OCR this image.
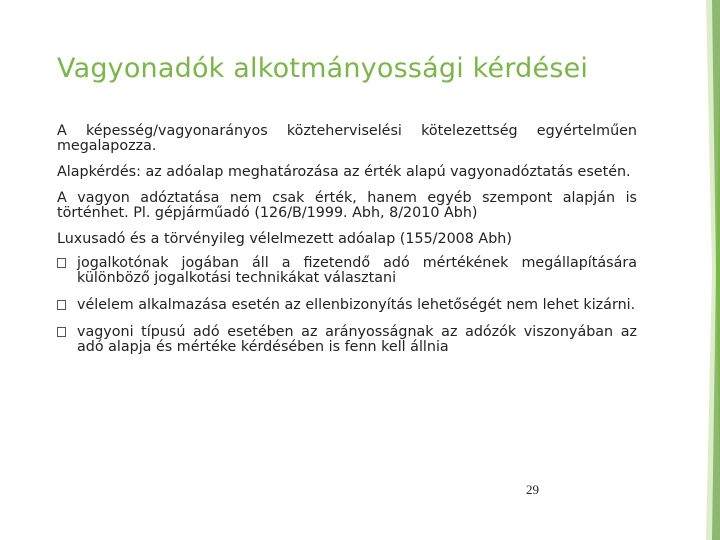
Vagyonadók alkotmányossági kérdései

A képesség/vagyonarányos közteherviselési kötelezettség egyértelműen megalapozza.

Alapkérdés: az adóalap meghatározása az érték alapú vagyonadóztatás esetén.

A vagyon adóztatása nem csak érték, hanem egyéb szempont alapján is történhet. Pl. gépjárműadó (126/B/1999. Abh, 8/2010 Abh)

Luxusadó és a törvényileg vélelmezett adóalap (155/2008 Abh)

jogalkotónak jogában áll a fizetendő adó mértékének megállapítására különböző jogalkotási technikákat választani
vélelem alkalmazása esetén az ellenbizonyítás lehetőségét nem lehet kizárni.
vagyoni típusú adó esetében az arányosságnak az adózók viszonyában az adó alapja és mértéke kérdésében is fenn kell állnia
29
